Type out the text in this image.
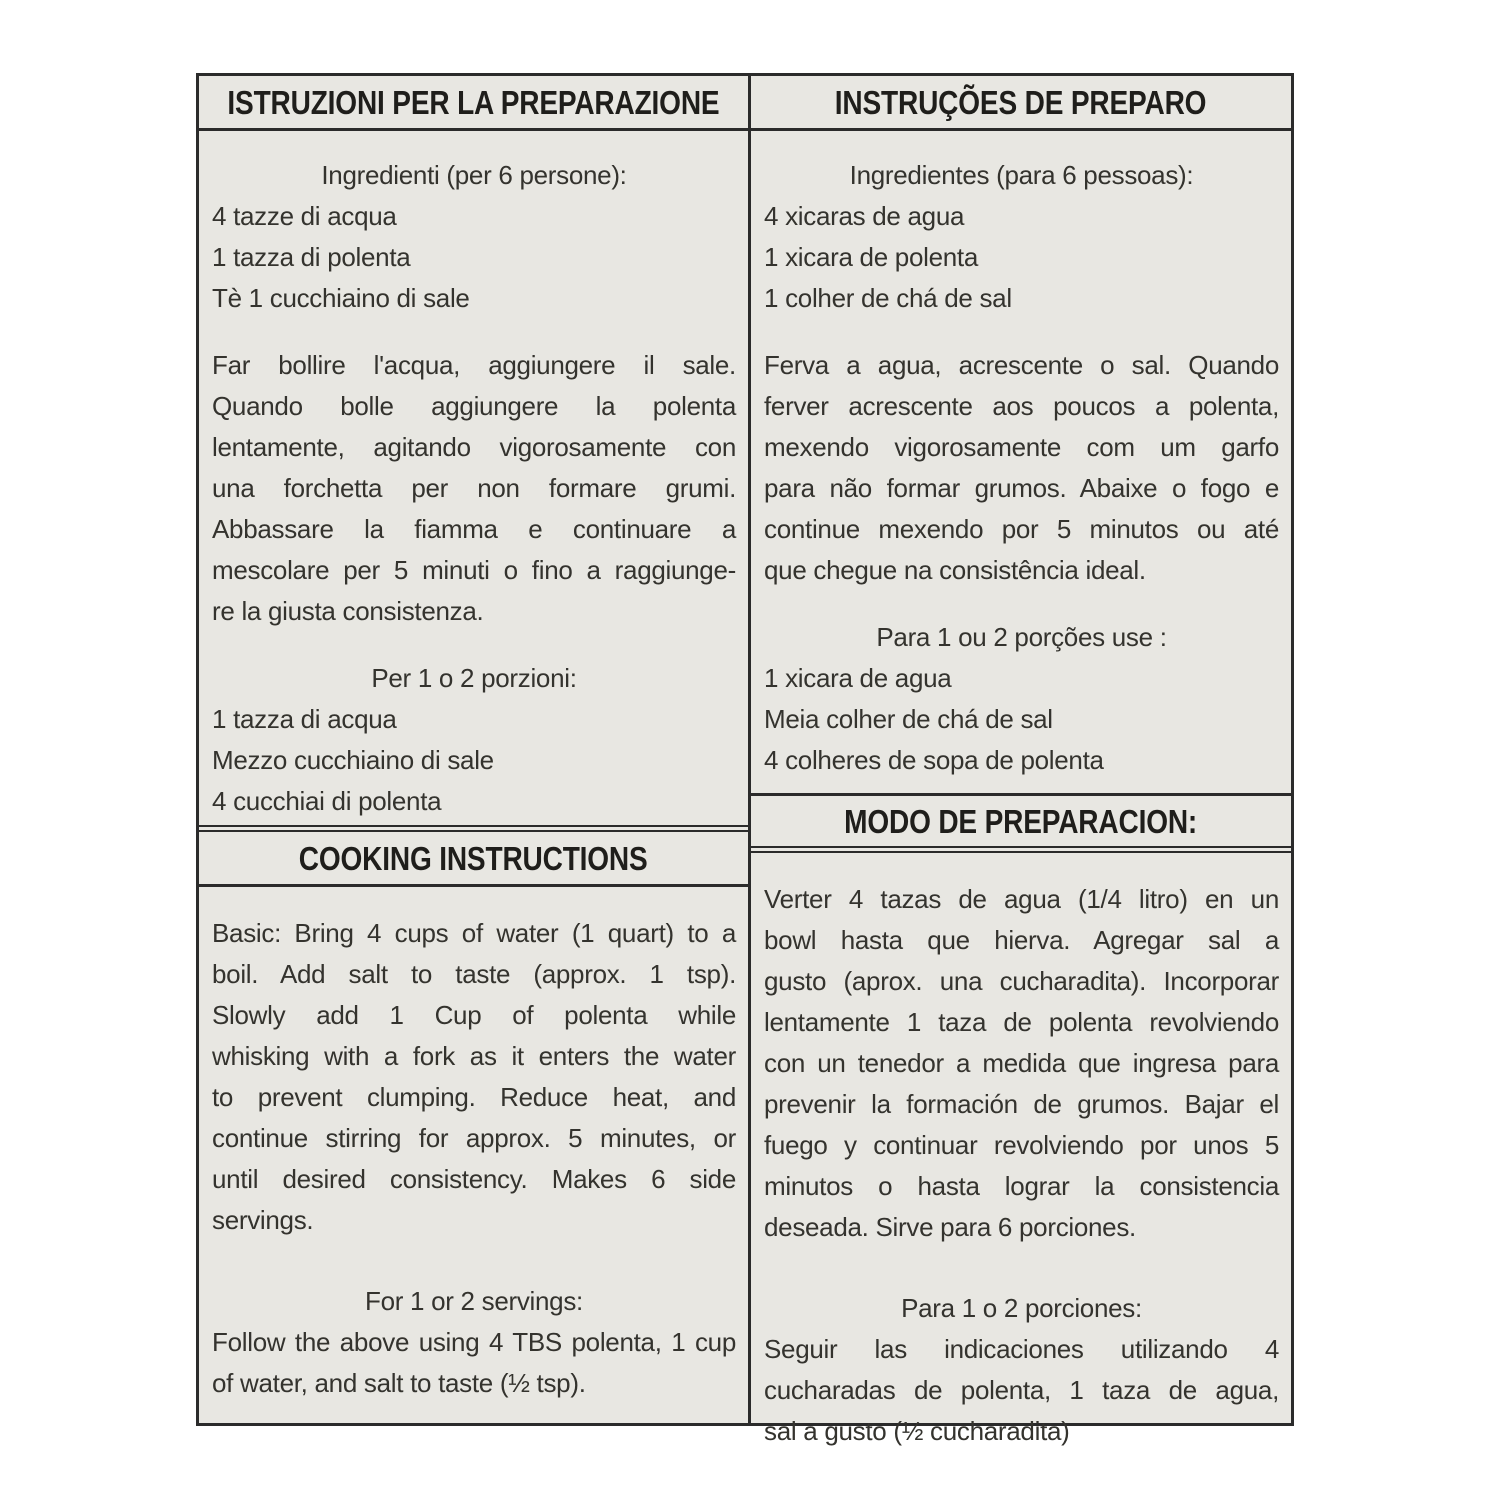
ISTRUZIONI PER LA PREPARAZIONE
Ingredienti (per 6 persone):
4 tazze di acqua
1 tazza di polenta
Tè 1 cucchiaino di sale
Far bollire l'acqua, aggiungere il sale.
Quando bolle aggiungere la polenta
lentamente, agitando vigorosamente con
una forchetta per non formare grumi.
Abbassare la fiamma e continuare a
mescolare per 5 minuti o fino a raggiunge-
re la giusta consistenza.
Per 1 o 2 porzioni:
1 tazza di acqua
Mezzo cucchiaino di sale
4 cucchiai di polenta
COOKING INSTRUCTIONS
Basic: Bring 4 cups of water (1 quart) to a
boil. Add salt to taste (approx. 1 tsp).
Slowly add 1 Cup of polenta while
whisking with a fork as it enters the water
to prevent clumping. Reduce heat, and
continue stirring for approx. 5 minutes, or
until desired consistency. Makes 6 side
servings.
For 1 or 2 servings:
Follow the above using 4 TBS polenta, 1 cup
of water, and salt to taste (½ tsp).
INSTRUÇÕES DE PREPARO
Ingredientes (para 6 pessoas):
4 xicaras de agua
1 xicara de polenta
1 colher de chá de sal
Ferva a agua, acrescente o sal. Quando
ferver acrescente aos poucos a polenta,
mexendo vigorosamente com um garfo
para não formar grumos. Abaixe o fogo e
continue mexendo por 5 minutos ou até
que chegue na consistência ideal.
Para 1 ou 2 porções use :
1 xicara de agua
Meia colher de chá de sal
4 colheres de sopa de polenta
MODO DE PREPARACION:
Verter 4 tazas de agua (1/4 litro) en un
bowl hasta que hierva. Agregar sal a
gusto (aprox. una cucharadita). Incorporar
lentamente 1 taza de polenta revolviendo
con un tenedor a medida que ingresa para
prevenir la formación de grumos. Bajar el
fuego y continuar revolviendo por unos 5
minutos o hasta lograr la consistencia
deseada. Sirve para 6 porciones.
Para 1 o 2 porciones:
Seguir las indicaciones utilizando 4
cucharadas de polenta, 1 taza de agua,
sal a gusto (½ cucharadita)
